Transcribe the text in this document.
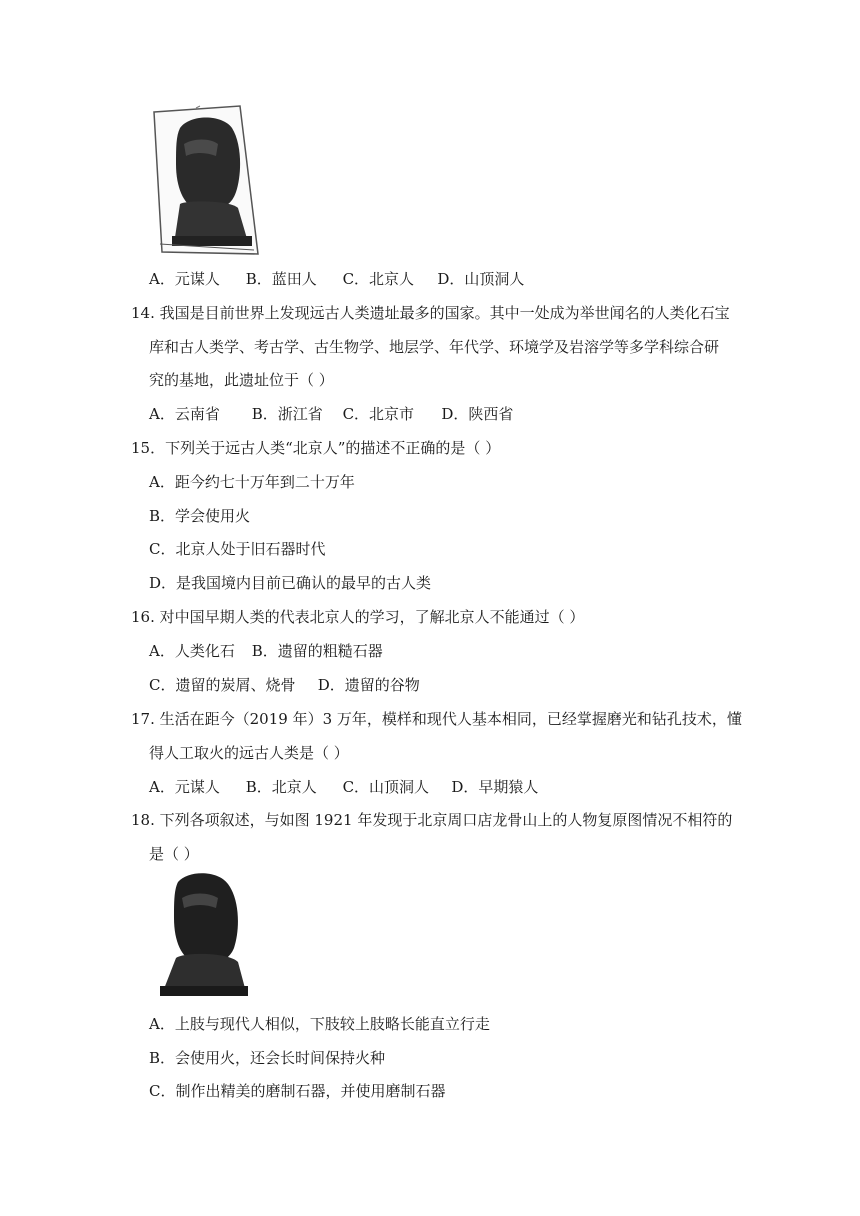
A．元谋人 B．蓝田人 C．北京人 D．山顶洞人
14. 我国是目前世界上发现远古人类遗址最多的国家。其中一处成为举世闻名的人类化石宝
库和古人类学、考古学、古生物学、地层学、年代学、环境学及岩溶学等多学科综合研
究的基地，此遗址位于（ ）
A．云南省 B．浙江省 C．北京市 D．陕西省
15．下列关于远古人类“北京人”的描述不正确的是（ ）
A．距今约七十万年到二十万年
B．学会使用火
C．北京人处于旧石器时代
D．是我国境内目前已确认的最早的古人类
16. 对中国早期人类的代表北京人的学习，了解北京人不能通过（ ）
A．人类化石 B．遗留的粗糙石器
C．遗留的炭屑、烧骨 D．遗留的谷物
17. 生活在距今（2019 年）3 万年，模样和现代人基本相同，已经掌握磨光和钻孔技术，懂
得人工取火的远古人类是（ ）
A．元谋人 B．北京人 C．山顶洞人 D．早期猿人
18. 下列各项叙述，与如图 1921 年发现于北京周口店龙骨山上的人物复原图情况不相符的
是（ ）
A．上肢与现代人相似，下肢较上肢略长能直立行走
B．会使用火，还会长时间保持火种
C．制作出精美的磨制石器，并使用磨制石器
